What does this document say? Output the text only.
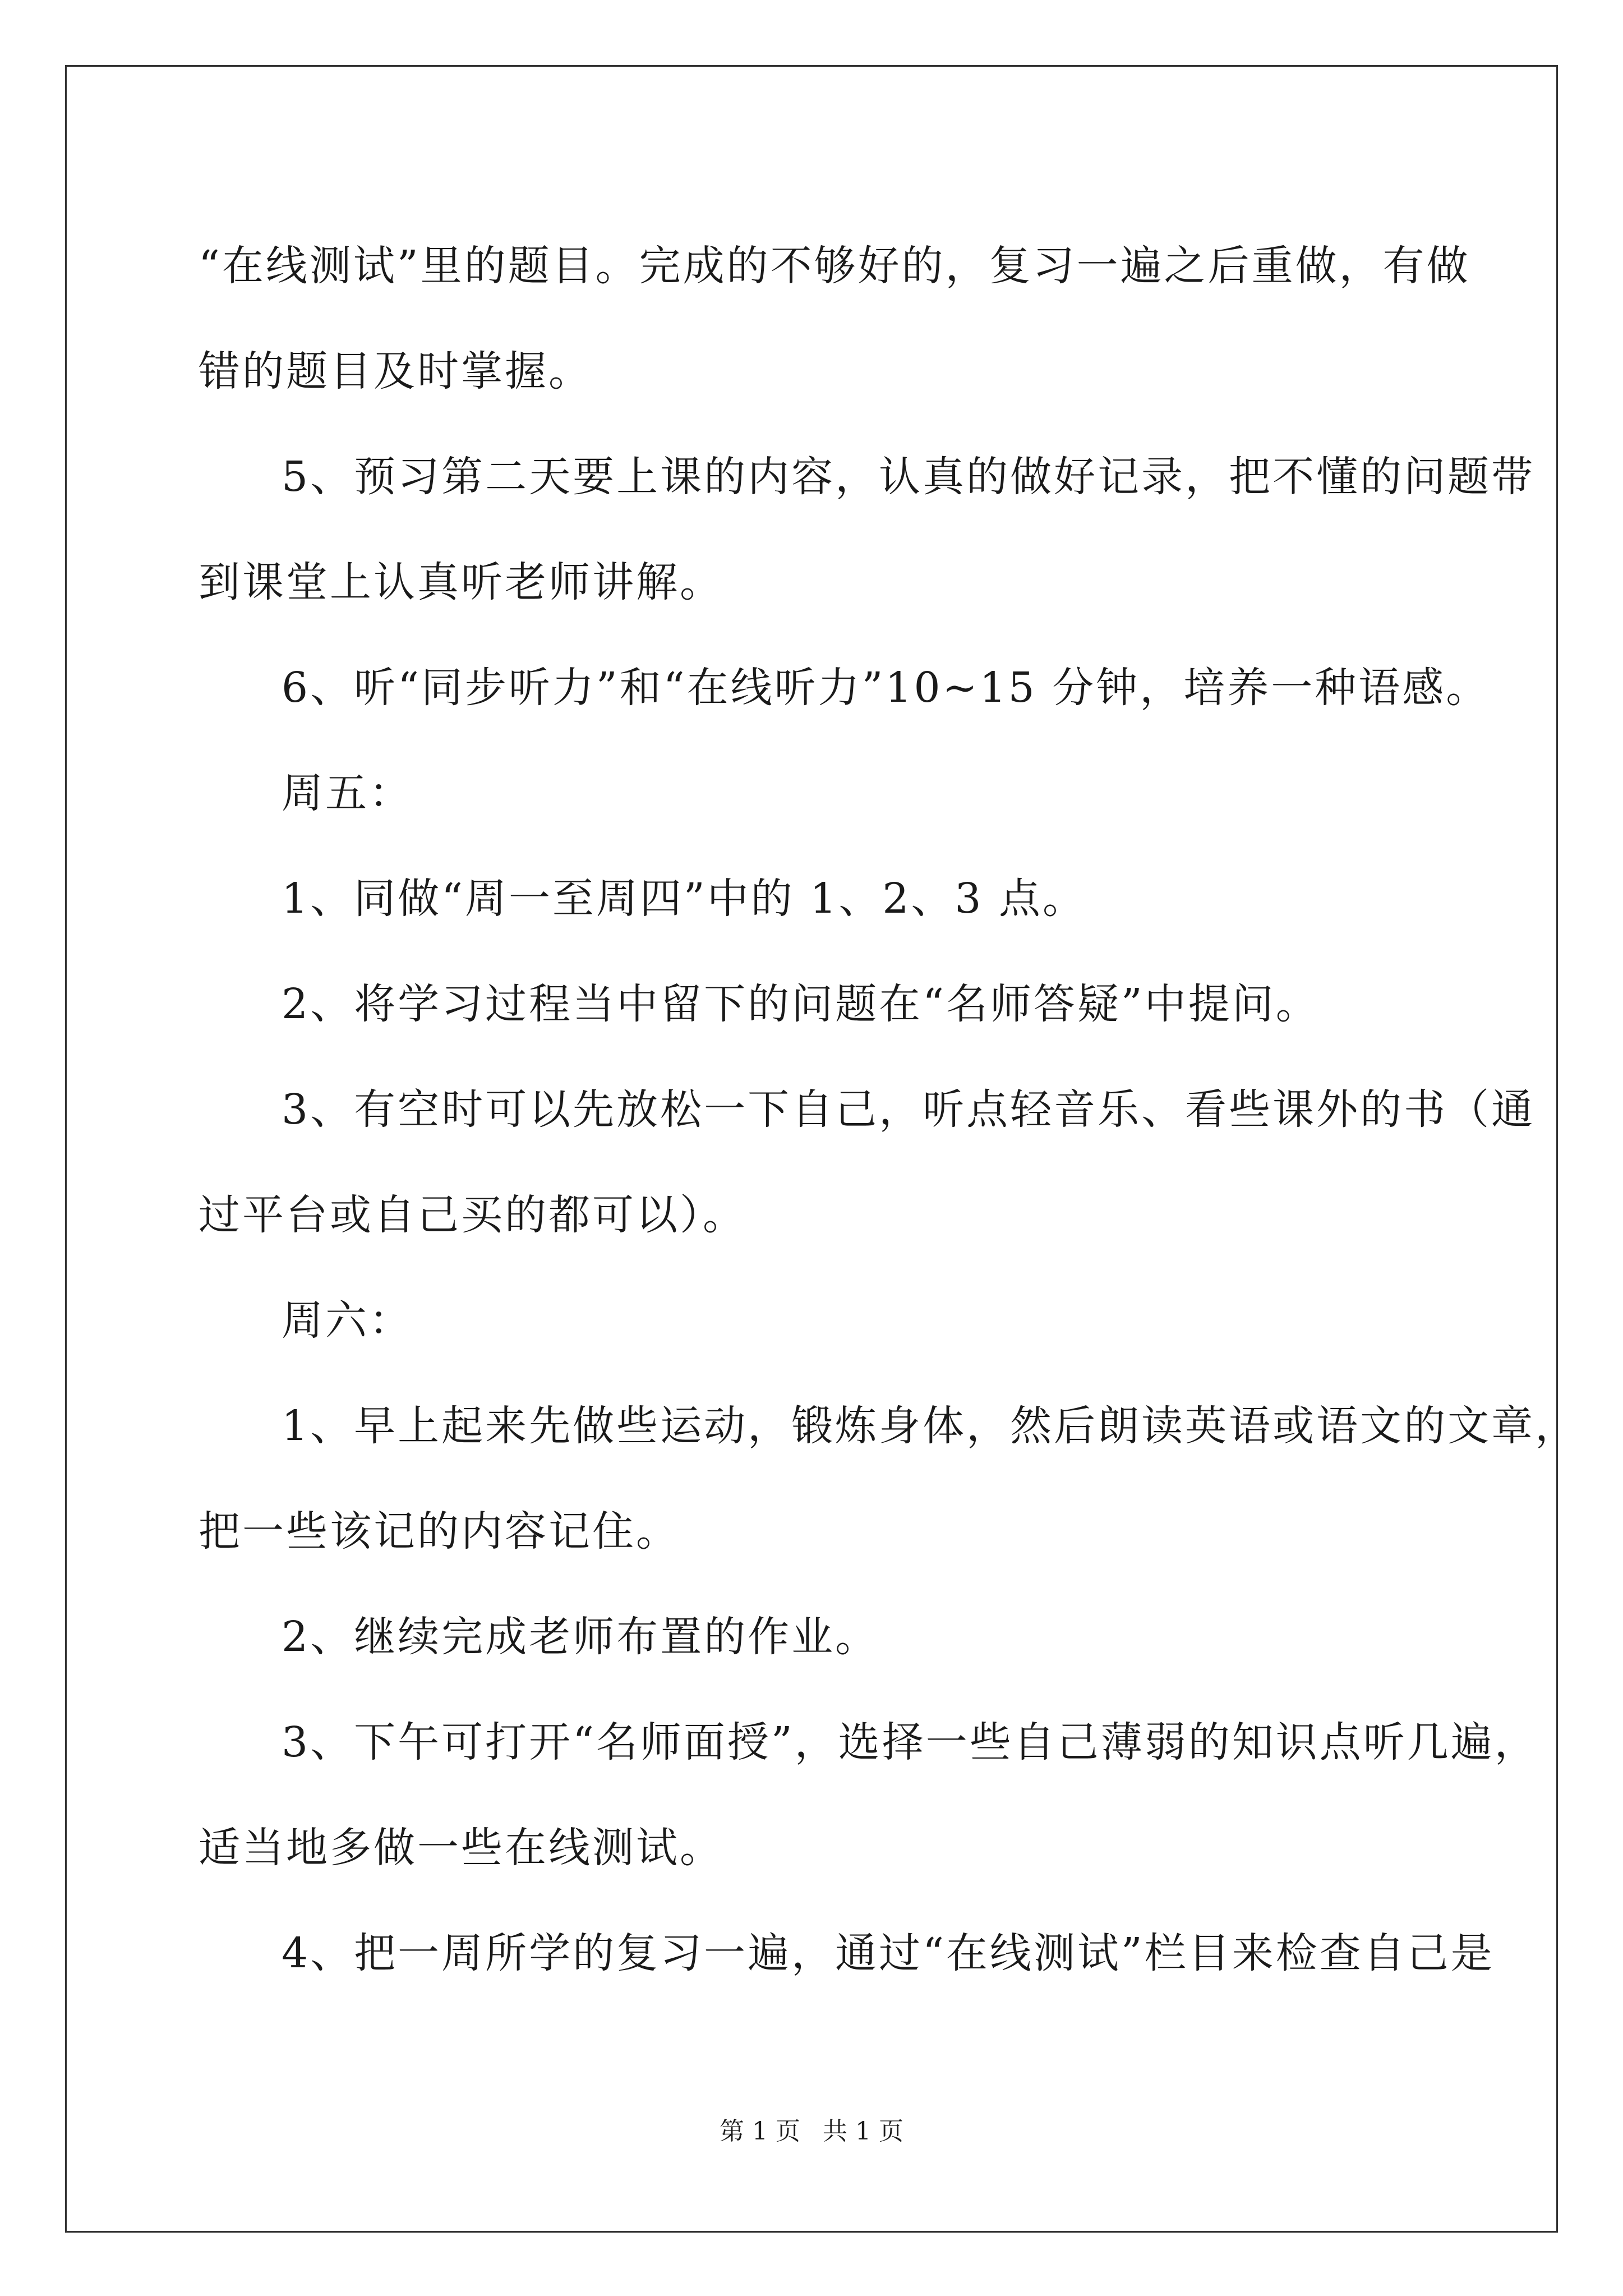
“在线测试”里的题目。完成的不够好的，复习一遍之后重做，有做
错的题目及时掌握。
5、预习第二天要上课的内容，认真的做好记录，把不懂的问题带
到课堂上认真听老师讲解。
6、听“同步听力”和“在线听力”10~15 分钟，培养一种语感。
周五：
1、同做“周一至周四”中的 1、2、3 点。
2、将学习过程当中留下的问题在“名师答疑”中提问。
3、有空时可以先放松一下自己，听点轻音乐、看些课外的书（通
过平台或自己买的都可以）。
周六：
1、早上起来先做些运动，锻炼身体，然后朗读英语或语文的文章，
把一些该记的内容记住。
2、继续完成老师布置的作业。
3、下午可打开“名师面授”，选择一些自己薄弱的知识点听几遍，
适当地多做一些在线测试。
4、把一周所学的复习一遍，通过“在线测试”栏目来检查自己是
第 1 页 共 1 页
